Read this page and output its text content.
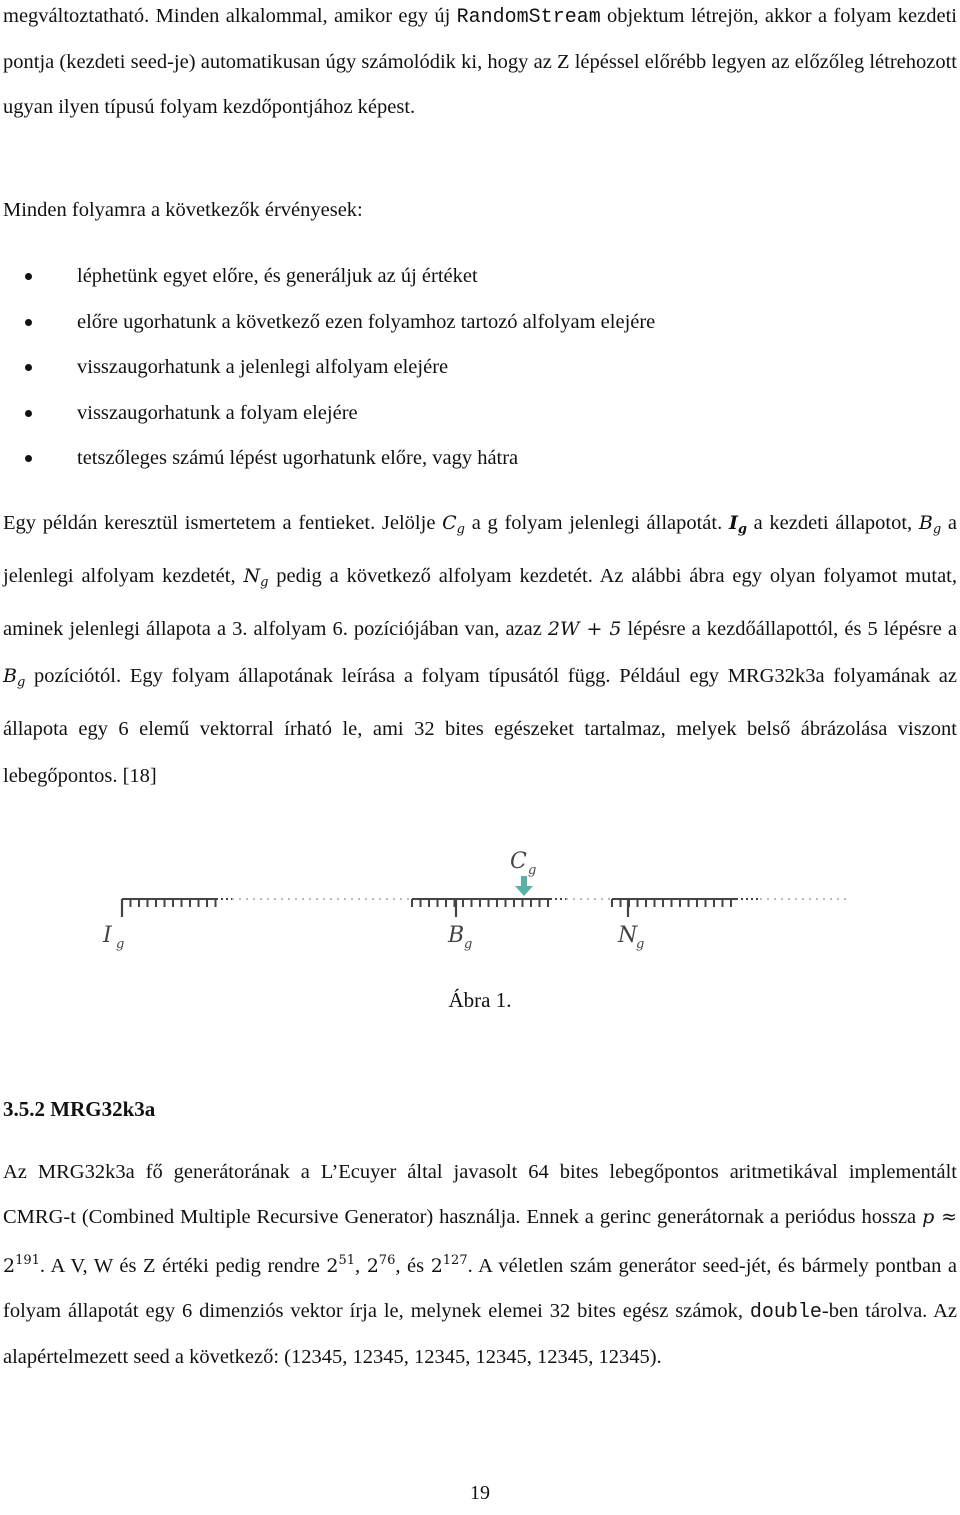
megváltoztatható. Minden alkalommal, amikor egy új RandomStream objektum létrejön, akkor a folyam kezdeti pontja (kezdeti seed-je) automatikusan úgy számolódik ki, hogy az Z lépéssel előrébb legyen az előzőleg létrehozott ugyan ilyen típusú folyam kezdőpontjához képest.

Minden folyamra a következők érvényesek:

léphetünk egyet előre, és generáljuk az új értéket
előre ugorhatunk a következő ezen folyamhoz tartozó alfolyam elejére
visszaugorhatunk a jelenlegi alfolyam elejére
visszaugorhatunk a folyam elejére
tetszőleges számú lépést ugorhatunk előre, vagy hátra

Egy példán keresztül ismertetem a fentieket. Jelölje $C_g$ a g folyam jelenlegi állapotát. $I_g$ a kezdeti állapotot, $B_g$ a jelenlegi alfolyam kezdetét, $N_g$ pedig a következő alfolyam kezdetét. Az alábbi ábra egy olyan folyamot mutat, aminek jelenlegi állapota a 3. alfolyam 6. pozíciójában van, azaz 2W + 5 lépésre a kezdőállapottól, és 5 lépésre a $B_g$ pozíciótól. Egy folyam állapotának leírása a folyam típusától függ. Például egy MRG32k3a folyamának az állapota egy 6 elemű vektorral írható le, ami 32 bites egészeket tartalmaz, melyek belső ábrázolása viszont lebegőpontos. [18]

C g
I g	B g	N
g
Ábra 1.
3.5.2 MRG32k3a

Az MRG32k3a fő generátorának a L’Ecuyer által javasolt 64 bites lebegőpontos aritmetikával implementált CMRG-t (Combined Multiple Recursive Generator) használja. Ennek a gerinc generátornak a periódus hossza $p \approx 2^{191}$. A V, W és Z értéki pedig rendre $2^{51}$, $2^{76}$, és $2^{127}$. A véletlen szám generátor seed-jét, és bármely pontban a folyam állapotát egy 6 dimenziós vektor írja le, melynek elemei 32 bites egész számok, double-ben tárolva. Az alapértelmezett seed a következő: (12345, 12345, 12345, 12345, 12345, 12345).

19
